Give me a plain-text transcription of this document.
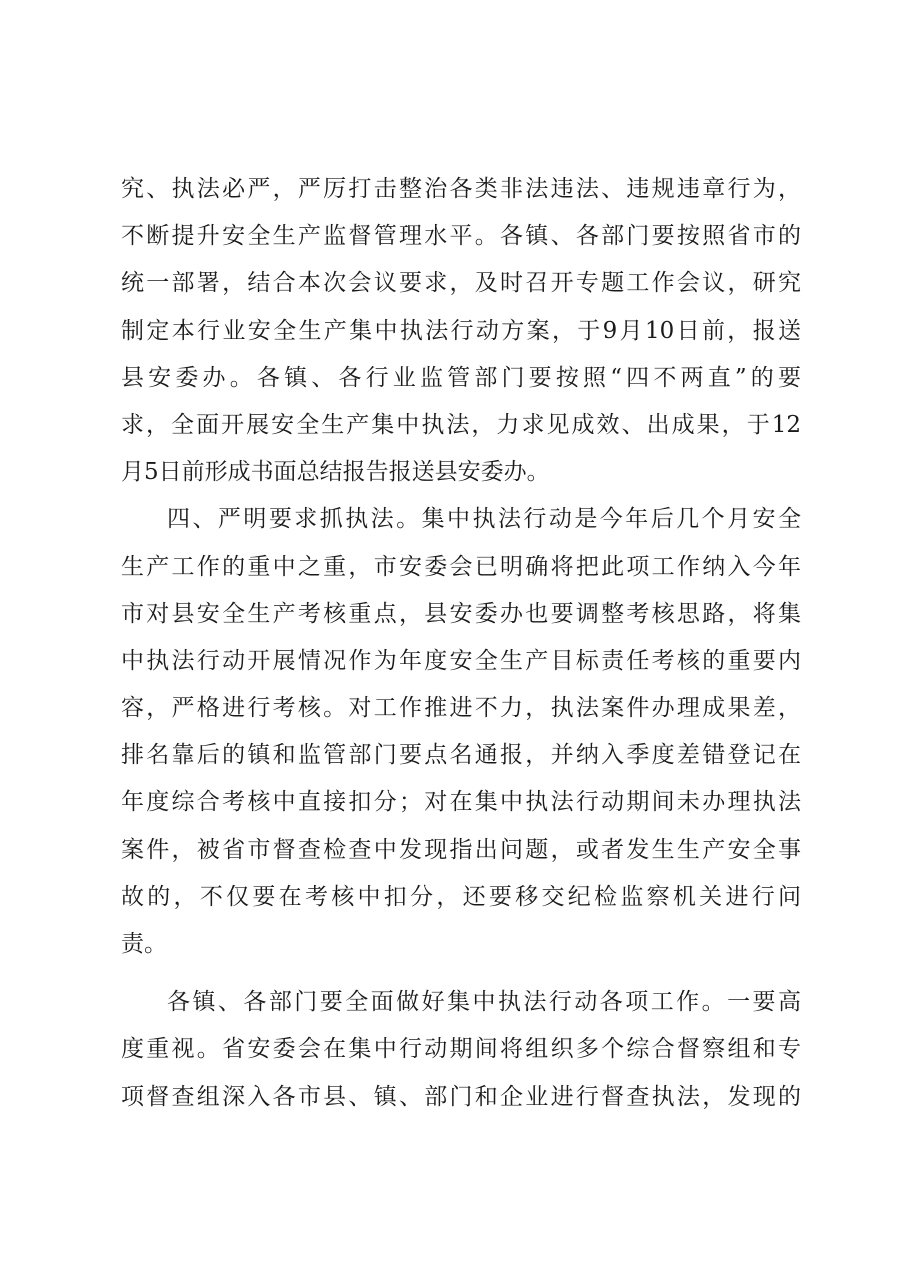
究、执法必严，严厉打击整治各类非法违法、违规违章行为，
不断提升安全生产监督管理水平。各镇、各部门要按照省市的
统一部署，结合本次会议要求，及时召开专题工作会议，研究
制定本行业安全生产集中执法行动方案，于9月10日前，报送
县安委办。各镇、各行业监管部门要按照“四不两直”的要
求，全面开展安全生产集中执法，力求见成效、出成果，于12
月5日前形成书面总结报告报送县安委办。
四、严明要求抓执法。集中执法行动是今年后几个月安全
生产工作的重中之重，市安委会已明确将把此项工作纳入今年
市对县安全生产考核重点，县安委办也要调整考核思路，将集
中执法行动开展情况作为年度安全生产目标责任考核的重要内
容，严格进行考核。对工作推进不力，执法案件办理成果差，
排名靠后的镇和监管部门要点名通报，并纳入季度差错登记在
年度综合考核中直接扣分；对在集中执法行动期间未办理执法
案件，被省市督查检查中发现指出问题，或者发生生产安全事
故的，不仅要在考核中扣分，还要移交纪检监察机关进行问
责。
各镇、各部门要全面做好集中执法行动各项工作。一要高
度重视。省安委会在集中行动期间将组织多个综合督察组和专
项督查组深入各市县、镇、部门和企业进行督查执法，发现的
